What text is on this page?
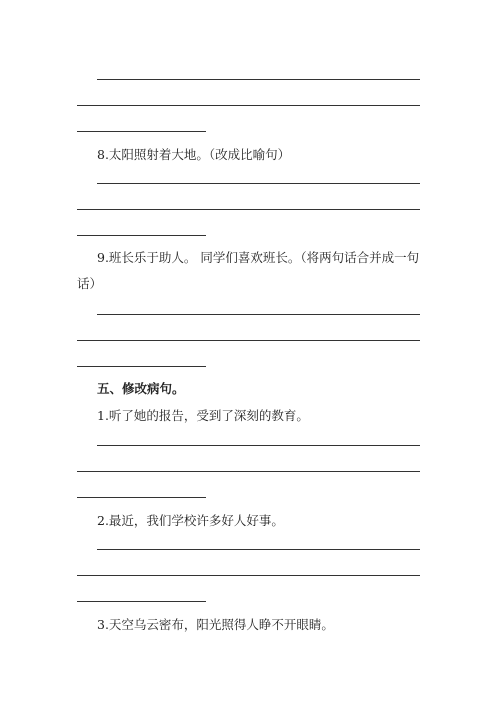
8.太阳照射着大地。（改成比喻句）
9.班长乐于助人。 同学们喜欢班长。（将两句话合并成一句
话）
五、修改病句。
1.听了她的报告，受到了深刻的教育。
2.最近，我们学校许多好人好事。
3.天空乌云密布，阳光照得人睁不开眼睛。
